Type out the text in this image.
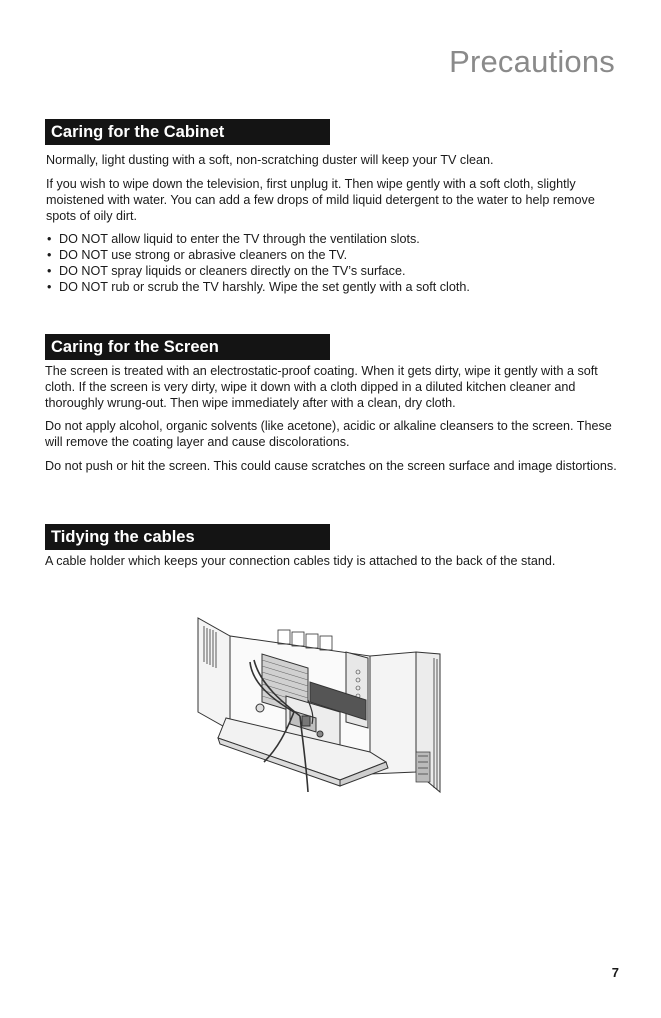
Precautions
Caring for the Cabinet

Normally, light dusting with a soft, non-scratching duster will keep your TV clean.

If you wish to wipe down the television, first unplug it. Then wipe gently with a soft cloth, slightly moistened with water. You can add a few drops of mild liquid detergent to the water to help remove spots of oily dirt.

• DO NOT allow liquid to enter the TV through the ventilation slots.
• DO NOT use strong or abrasive cleaners on the TV.
• DO NOT spray liquids or cleaners directly on the TV’s surface.
• DO NOT rub or scrub the TV harshly. Wipe the set gently with a soft cloth.
Caring for the Screen

The screen is treated with an electrostatic-proof coating. When it gets dirty, wipe it gently with a soft cloth. If the screen is very dirty, wipe it down with a cloth dipped in a diluted kitchen cleaner and thoroughly wrung-out. Then wipe immediately after with a clean, dry cloth.

Do not apply alcohol, organic solvents (like acetone), acidic or alkaline cleansers to the screen. These will remove the coating layer and cause discolorations.

Do not push or hit the screen. This could cause scratches on the screen surface and image distortions.

Tidying the cables

A cable holder which keeps your connection cables tidy is attached to the back of the stand.

7
